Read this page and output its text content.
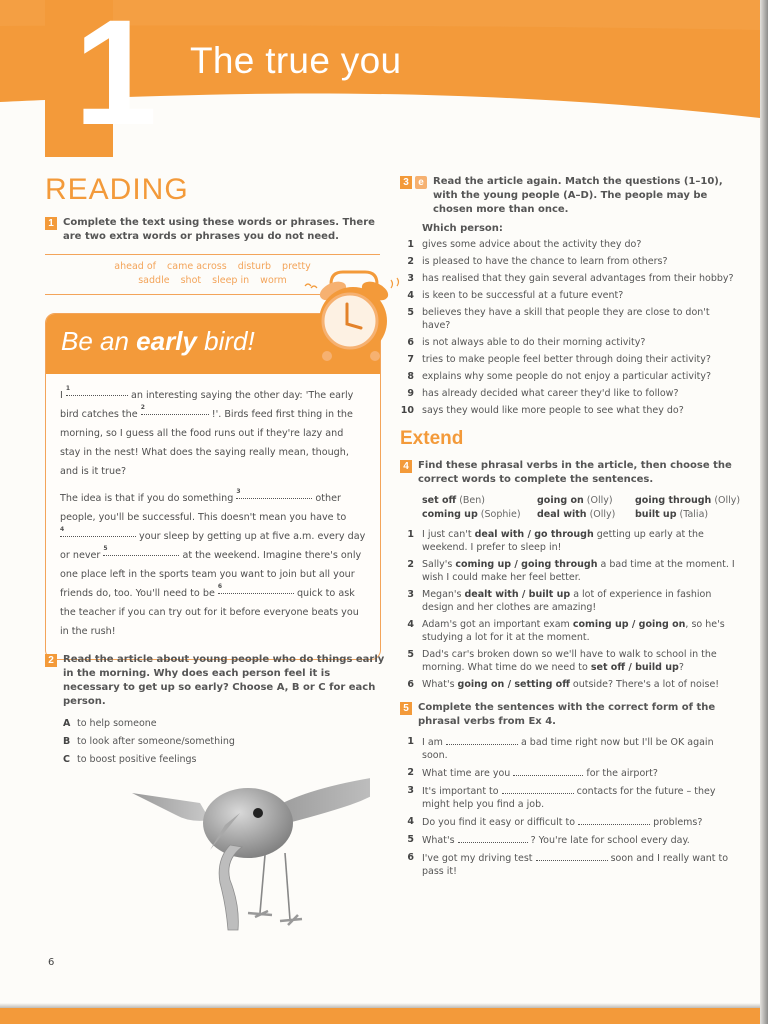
1 The true you
READING
1 Complete the text using these words or phrases. There are two extra words or phrases you do not need.
ahead of came across disturb pretty
saddle shot sleep in worm
Be an early bird!

I $^1$ an interesting saying the other day: 'The early bird catches the $^2$ !'. Birds feed first thing in the morning, so I guess all the food runs out if they're lazy and stay in the nest! What does the saying really mean, though, and is it true?

The idea is that if you do something $^3$ other people, you'll be successful. This doesn't mean you have to $^4$ your sleep by getting up at five a.m. every day or never $^5$ at the weekend. Imagine there's only one place left in the sports team you want to join but all your friends do, too. You'll need to be $^6$ quick to ask the teacher if you can try out for it before everyone beats you in the rush!

2 Read the article about young people who do things early in the morning. Why does each person feel it is necessary to get up so early? Choose A, B or C for each person.
A to help someone
B to look after someone/something
C to boost positive feelings
3 e Read the article again. Match the questions (1–10), with the young people (A–D). The people may be chosen more than once.
Which person:
1 gives some advice about the activity they do?
2 is pleased to have the chance to learn from others?
3 has realised that they gain several advantages from their hobby?
4 is keen to be successful at a future event?
5 believes they have a skill that people they are close to don't have?
6 is not always able to do their morning activity?
7 tries to make people feel better through doing their activity?
8 explains why some people do not enjoy a particular activity?
9 has already decided what career they'd like to follow?
10 says they would like more people to see what they do?
Extend
4 Find these phrasal verbs in the article, then choose the correct words to complete the sentences.
set off (Ben)	going on (Olly)	going through (Olly)
coming up (Sophie)	deal with (Olly)	built up (Talia)
1 I just can't deal with / go through getting up early at the weekend. I prefer to sleep in!
2 Sally's coming up / going through a bad time at the moment. I wish I could make her feel better.
3 Megan's dealt with / built up a lot of experience in fashion design and her clothes are amazing!
4 Adam's got an important exam coming up / going on, so he's studying a lot for it at the moment.
5 Dad's car's broken down so we'll have to walk to school in the morning. What time do we need to set off / build up?
6 What's going on / setting off outside? There's a lot of noise!
5 Complete the sentences with the correct form of the phrasal verbs from Ex 4.
1 I am	a bad time right now but I'll be OK again soon.
2 What time are you	for the airport?
3 It's important to	contacts for the future – they might help you find a job.
4 Do you find it easy or difficult to	problems?
5 What's	? You're late for school every day.
6 I've got my driving test	soon and I really want to pass it!
6
